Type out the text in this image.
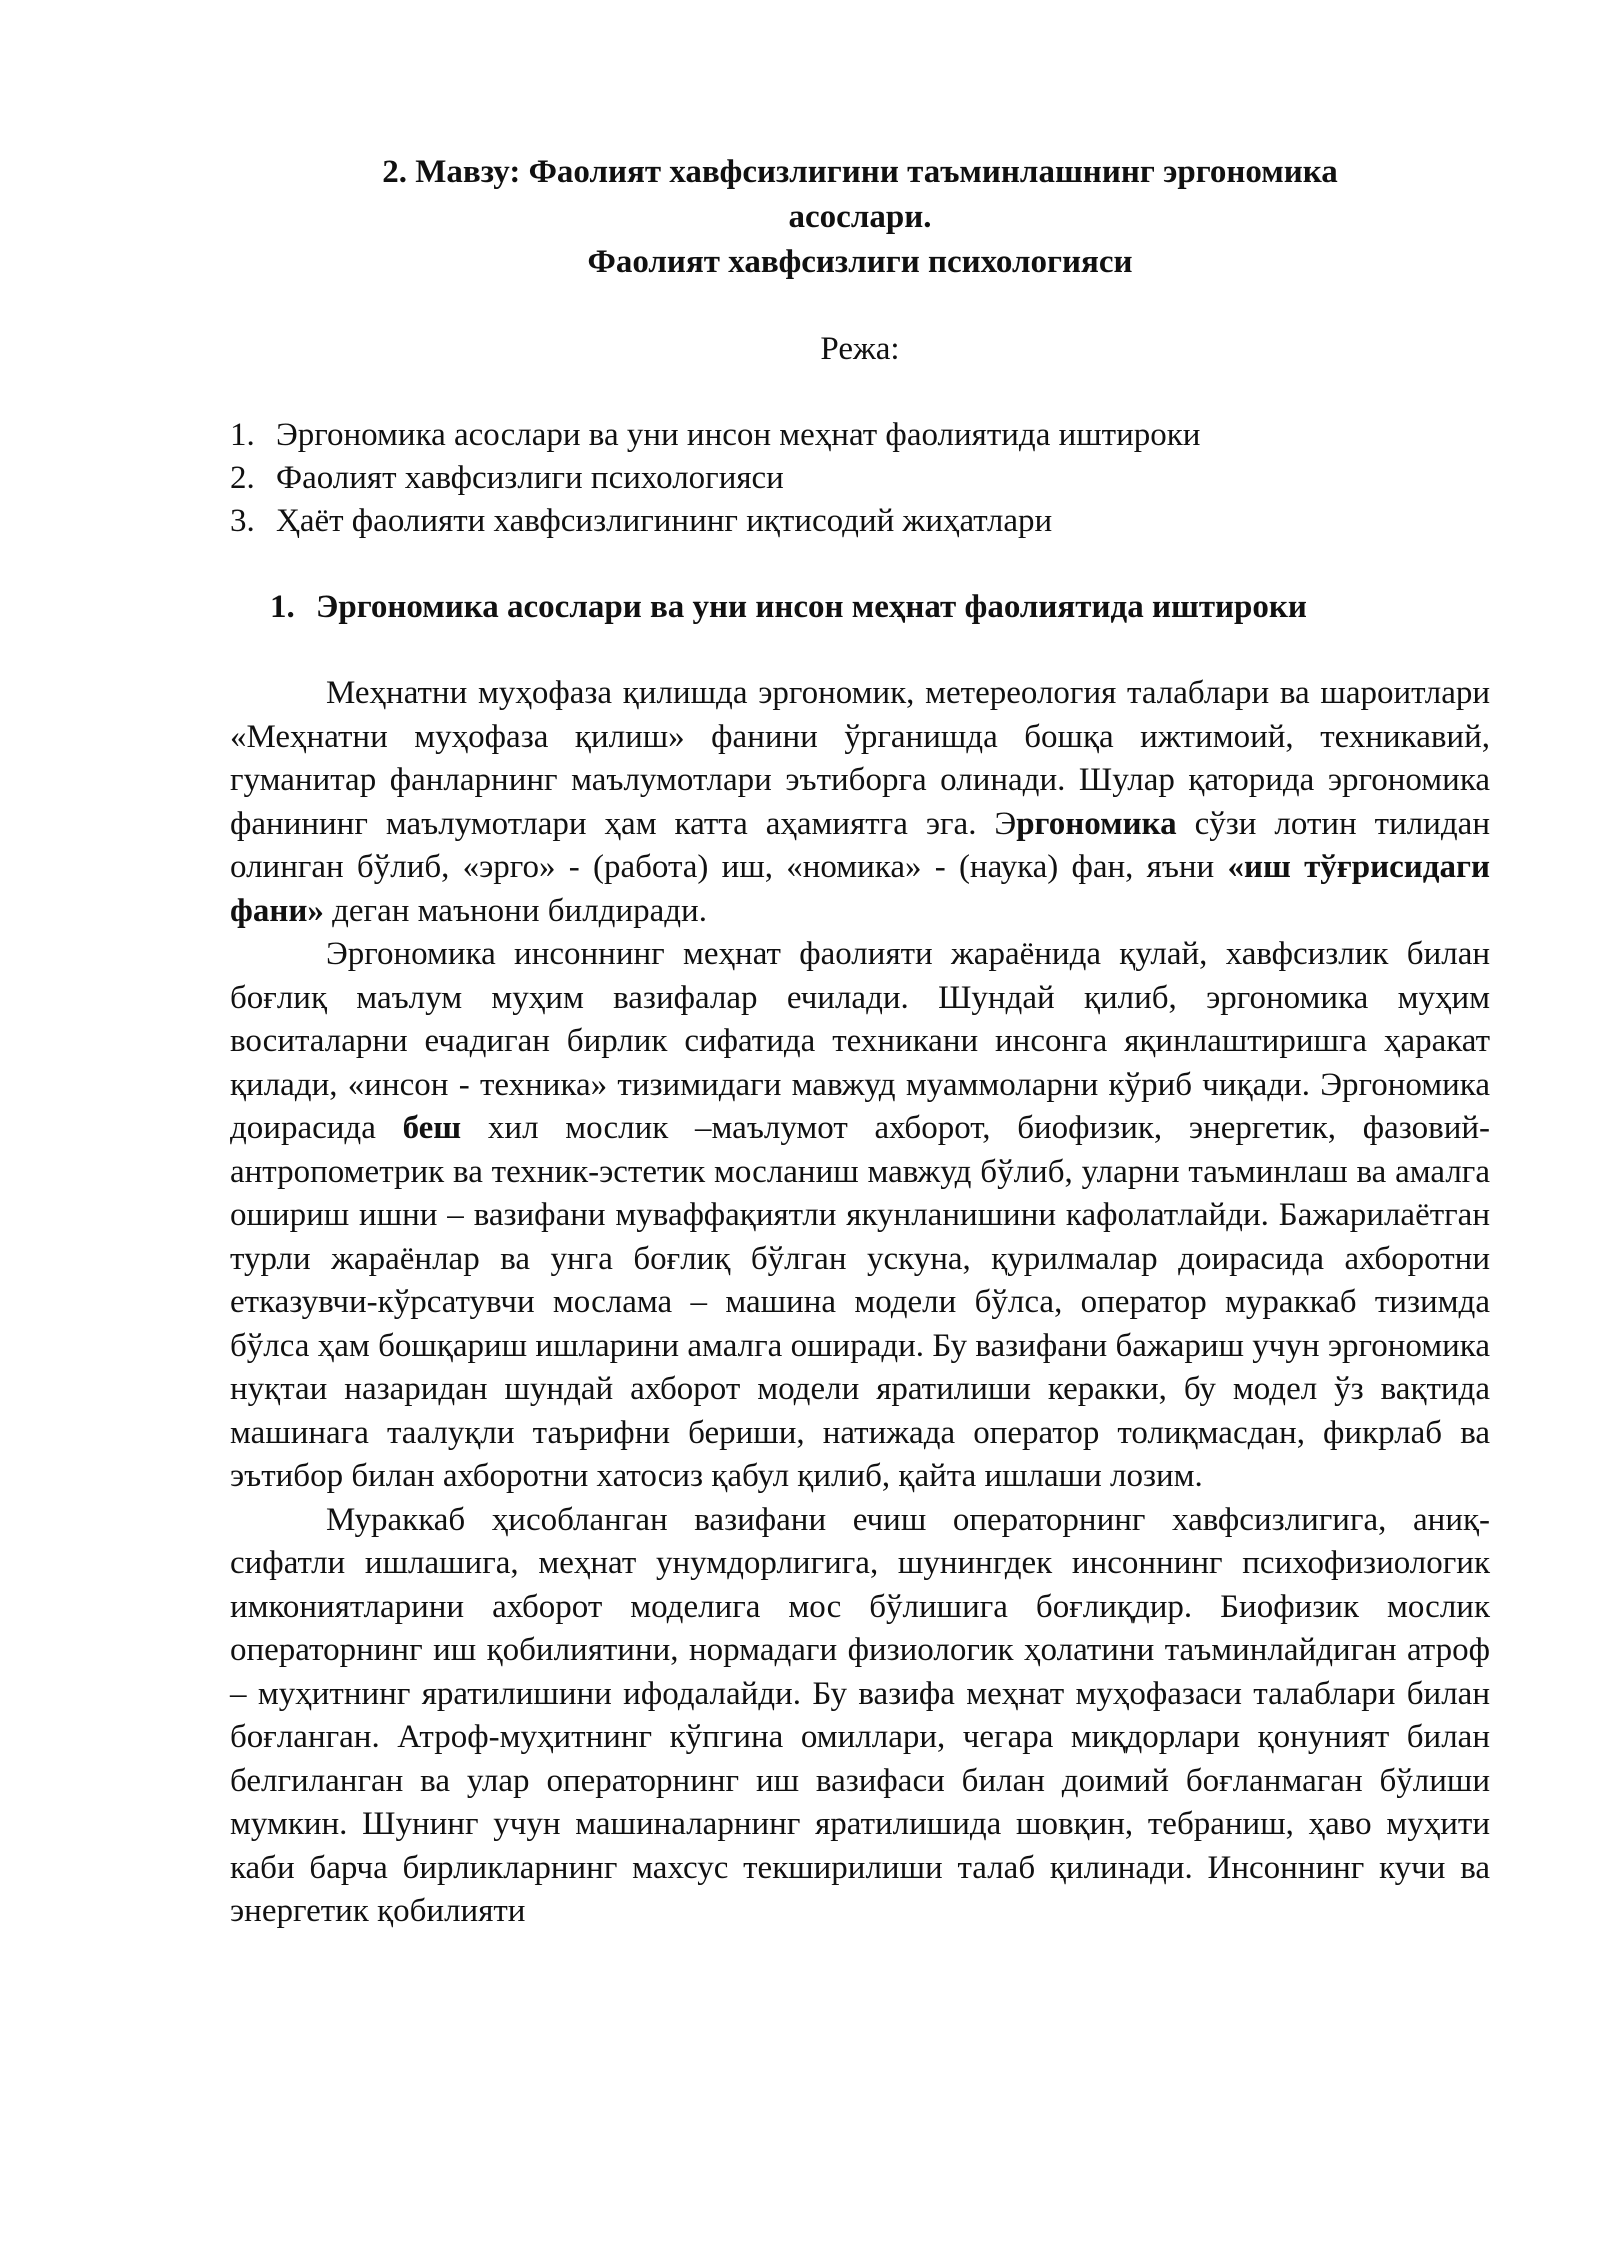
2. Мавзу: Фаолият хавфсизлигини таъминлашнинг эргономика
асослари.
Фаолият хавфсизлиги психологияси
Режа:
1. Эргономика асослари ва уни инсон меҳнат фаолиятида иштироки
2. Фаолият хавфсизлиги психологияси
3. Ҳаёт фаолияти хавфсизлигининг иқтисодий жиҳатлари
1. Эргономика асослари ва уни инсон меҳнат фаолиятида иштироки

Меҳнатни муҳофаза қилишда эргономик, метереология талаблари ва шароитлари «Меҳнатни муҳофаза қилиш» фанини ўрганишда бошқа ижтимоий, техникавий, гуманитар фанларнинг маълумотлари эътиборга олинади. Шулар қаторида эргономика фанининг маълумотлари ҳам катта аҳамиятга эга. Эргономика сўзи лотин тилидан олинган бўлиб, «эрго» - (работа) иш, «номика» - (наука) фан, яъни «иш тўғрисидаги фани» деган маънони билдиради.

Эргономика инсоннинг меҳнат фаолияти жараёнида қулай, хавфсизлик билан боғлиқ маълум муҳим вазифалар ечилади. Шундай қилиб, эргономика муҳим воситаларни ечадиган бирлик сифатида техникани инсонга яқинлаштиришга ҳаракат қилади, «инсон - техника» тизимидаги мавжуд муаммоларни кўриб чиқади. Эргономика доирасида беш хил мослик –маълумот ахборот, биофизик, энергетик, фазовий-антропометрик ва техник-эстетик мосланиш мавжуд бўлиб, уларни таъминлаш ва амалга ошириш ишни – вазифани муваффақиятли якунланишини кафолатлайди. Бажарилаётган турли жараёнлар ва унга боғлиқ бўлган ускуна, қурилмалар доирасида ахборотни етказувчи-кўрсатувчи мослама – машина модели бўлса, оператор мураккаб тизимда бўлса ҳам бошқариш ишларини амалга оширади. Бу вазифани бажариш учун эргономика нуқтаи назаридан шундай ахборот модели яратилиши керакки, бу модел ўз вақтида машинага таалуқли таърифни бериши, натижада оператор толиқмасдан, фикрлаб ва эътибор билан ахборотни хатосиз қабул қилиб, қайта ишлаши лозим.

Мураккаб ҳисобланган вазифани ечиш операторнинг хавфсизлигига, аниқ-сифатли ишлашига, меҳнат унумдорлигига, шунингдек инсоннинг психофизиологик имкониятларини ахборот моделига мос бўлишига боғлиқдир. Биофизик мослик операторнинг иш қобилиятини, нормадаги физиологик ҳолатини таъминлайдиган атроф – муҳитнинг яратилишини ифодалайди. Бу вазифа меҳнат муҳофазаси талаблари билан боғланган. Атроф-муҳитнинг кўпгина омиллари, чегара миқдорлари қонуният билан белгиланган ва улар операторнинг иш вазифаси билан доимий боғланмаган бўлиши мумкин. Шунинг учун машиналарнинг яратилишида шовқин, тебраниш, ҳаво муҳити каби барча бирликларнинг махсус текширилиши талаб қилинади. Инсоннинг кучи ва энергетик қобилияти
